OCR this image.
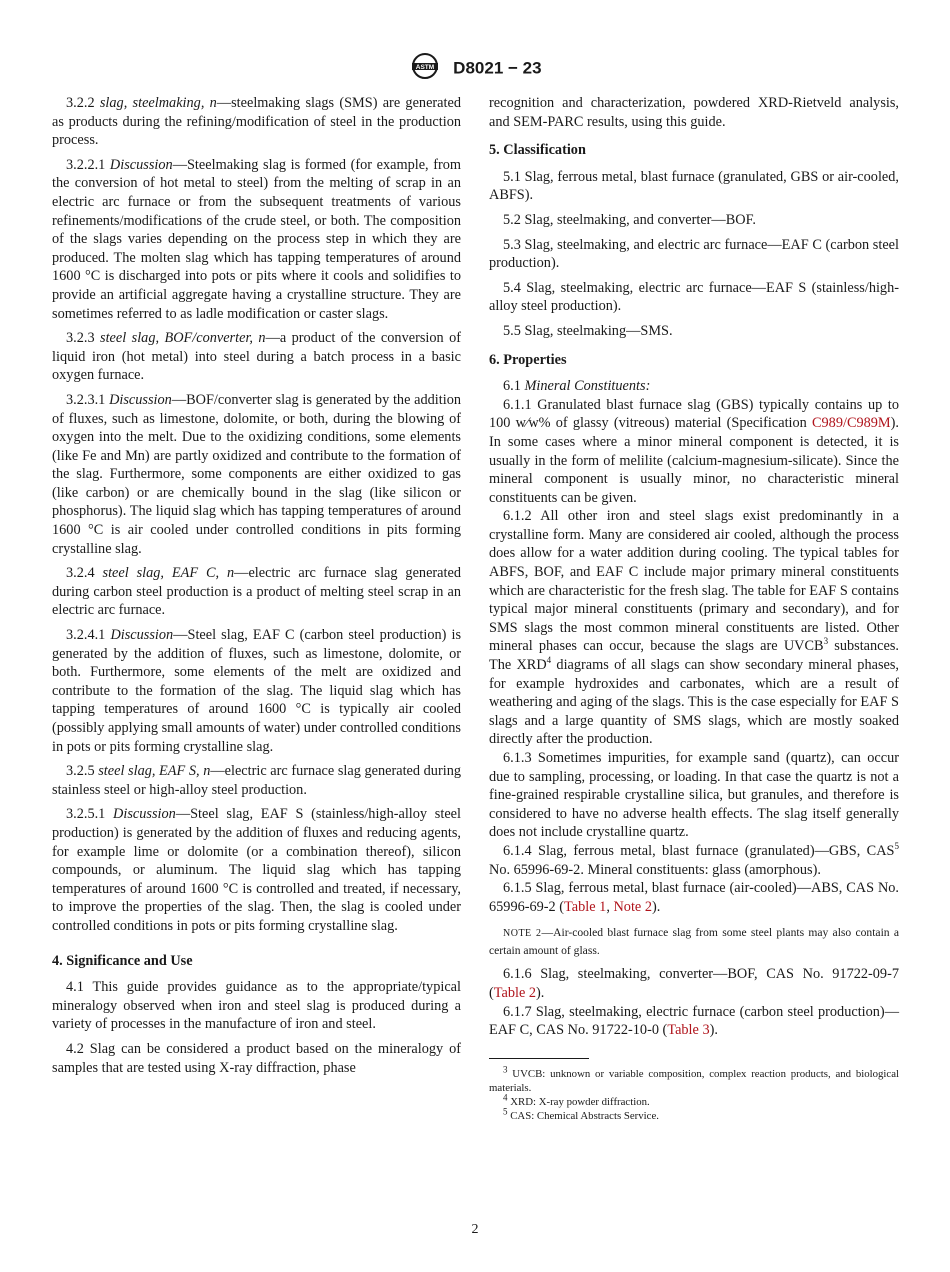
ASTM D8021 − 23

3.2.2 slag, steelmaking, n—steelmaking slags (SMS) are generated as products during the refining/modification of steel in the production process.

3.2.2.1 Discussion—Steelmaking slag is formed (for example, from the conversion of hot metal to steel) from the melting of scrap in an electric arc furnace or from the subsequent treatments of various refinements/modifications of the crude steel, or both. The composition of the slags varies depending on the process step in which they are produced. The molten slag which has tapping temperatures of around 1600 °C is discharged into pots or pits where it cools and solidifies to provide an artificial aggregate having a crystalline structure. They are sometimes referred to as ladle modification or caster slags.

3.2.3 steel slag, BOF/converter, n—a product of the conversion of liquid iron (hot metal) into steel during a batch process in a basic oxygen furnace.

3.2.3.1 Discussion—BOF/converter slag is generated by the addition of fluxes, such as limestone, dolomite, or both, during the blowing of oxygen into the melt. Due to the oxidizing conditions, some elements (like Fe and Mn) are partly oxidized and contribute to the formation of the slag. Furthermore, some components are either oxidized to gas (like carbon) or are chemically bound in the slag (like silicon or phosphorus). The liquid slag which has tapping temperatures of around 1600 °C is air cooled under controlled conditions in pits forming crystalline slag.

3.2.4 steel slag, EAF C, n—electric arc furnace slag generated during carbon steel production is a product of melting steel scrap in an electric arc furnace.

3.2.4.1 Discussion—Steel slag, EAF C (carbon steel production) is generated by the addition of fluxes, such as limestone, dolomite, or both. Furthermore, some elements of the melt are oxidized and contribute to the formation of the slag. The liquid slag which has tapping temperatures of around 1600 °C is typically air cooled (possibly applying small amounts of water) under controlled conditions in pots or pits forming crystalline slag.

3.2.5 steel slag, EAF S, n—electric arc furnace slag generated during stainless steel or high-alloy steel production.

3.2.5.1 Discussion—Steel slag, EAF S (stainless/high-alloy steel production) is generated by the addition of fluxes and reducing agents, for example lime or dolomite (or a combination thereof), silicon compounds, or aluminum. The liquid slag which has tapping temperatures of around 1600 °C is controlled and treated, if necessary, to improve the properties of the slag. Then, the slag is cooled under controlled conditions in pots or pits forming crystalline slag.

4. Significance and Use

4.1 This guide provides guidance as to the appropriate/typical mineralogy observed when iron and steel slag is produced during a variety of processes in the manufacture of iron and steel.

4.2 Slag can be considered a product based on the mineralogy of samples that are tested using X-ray diffraction, phase

recognition and characterization, powdered XRD-Rietveld analysis, and SEM-PARC results, using this guide.

5. Classification

5.1 Slag, ferrous metal, blast furnace (granulated, GBS or air-cooled, ABFS).

5.2 Slag, steelmaking, and converter—BOF.

5.3 Slag, steelmaking, and electric arc furnace—EAF C (carbon steel production).

5.4 Slag, steelmaking, electric arc furnace—EAF S (stainless/high-alloy steel production).

5.5 Slag, steelmaking—SMS.

6. Properties

6.1 Mineral Constituents:

6.1.1 Granulated blast furnace slag (GBS) typically contains up to 100 w⁄w% of glassy (vitreous) material (Specification C989/C989M). In some cases where a minor mineral component is detected, it is usually in the form of melilite (calcium-magnesium-silicate). Since the mineral component is usually minor, no characteristic mineral constituents can be given.

6.1.2 All other iron and steel slags exist predominantly in a crystalline form. Many are considered air cooled, although the process does allow for a water addition during cooling. The typical tables for ABFS, BOF, and EAF C include major primary mineral constituents which are characteristic for the fresh slag. The table for EAF S contains typical major mineral constituents (primary and secondary), and for SMS slags the most common mineral constituents are listed. Other mineral phases can occur, because the slags are UVCB$^3$ substances. The XRD$^4$ diagrams of all slags can show secondary mineral phases, for example hydroxides and carbonates, which are a result of weathering and aging of the slags. This is the case especially for EAF S slags and a large quantity of SMS slags, which are mostly soaked directly after the production.

6.1.3 Sometimes impurities, for example sand (quartz), can occur due to sampling, processing, or loading. In that case the quartz is not a fine-grained respirable crystalline silica, but granules, and therefore is considered to have no adverse health effects. The slag itself generally does not include crystalline quartz.

6.1.4 Slag, ferrous metal, blast furnace (granulated)—GBS, CAS$^5$ No. 65996-69-2. Mineral constituents: glass (amorphous).

6.1.5 Slag, ferrous metal, blast furnace (air-cooled)—ABS, CAS No. 65996-69-2 (Table 1, Note 2).

NOTE 2—Air-cooled blast furnace slag from some steel plants may also contain a certain amount of glass.

6.1.6 Slag, steelmaking, converter—BOF, CAS No. 91722-09-7 (Table 2).

6.1.7 Slag, steelmaking, electric furnace (carbon steel production)—EAF C, CAS No. 91722-10-0 (Table 3).

$^3$ UVCB: unknown or variable composition, complex reaction products, and biological materials.

$^4$ XRD: X-ray powder diffraction.

$^5$ CAS: Chemical Abstracts Service.

2
